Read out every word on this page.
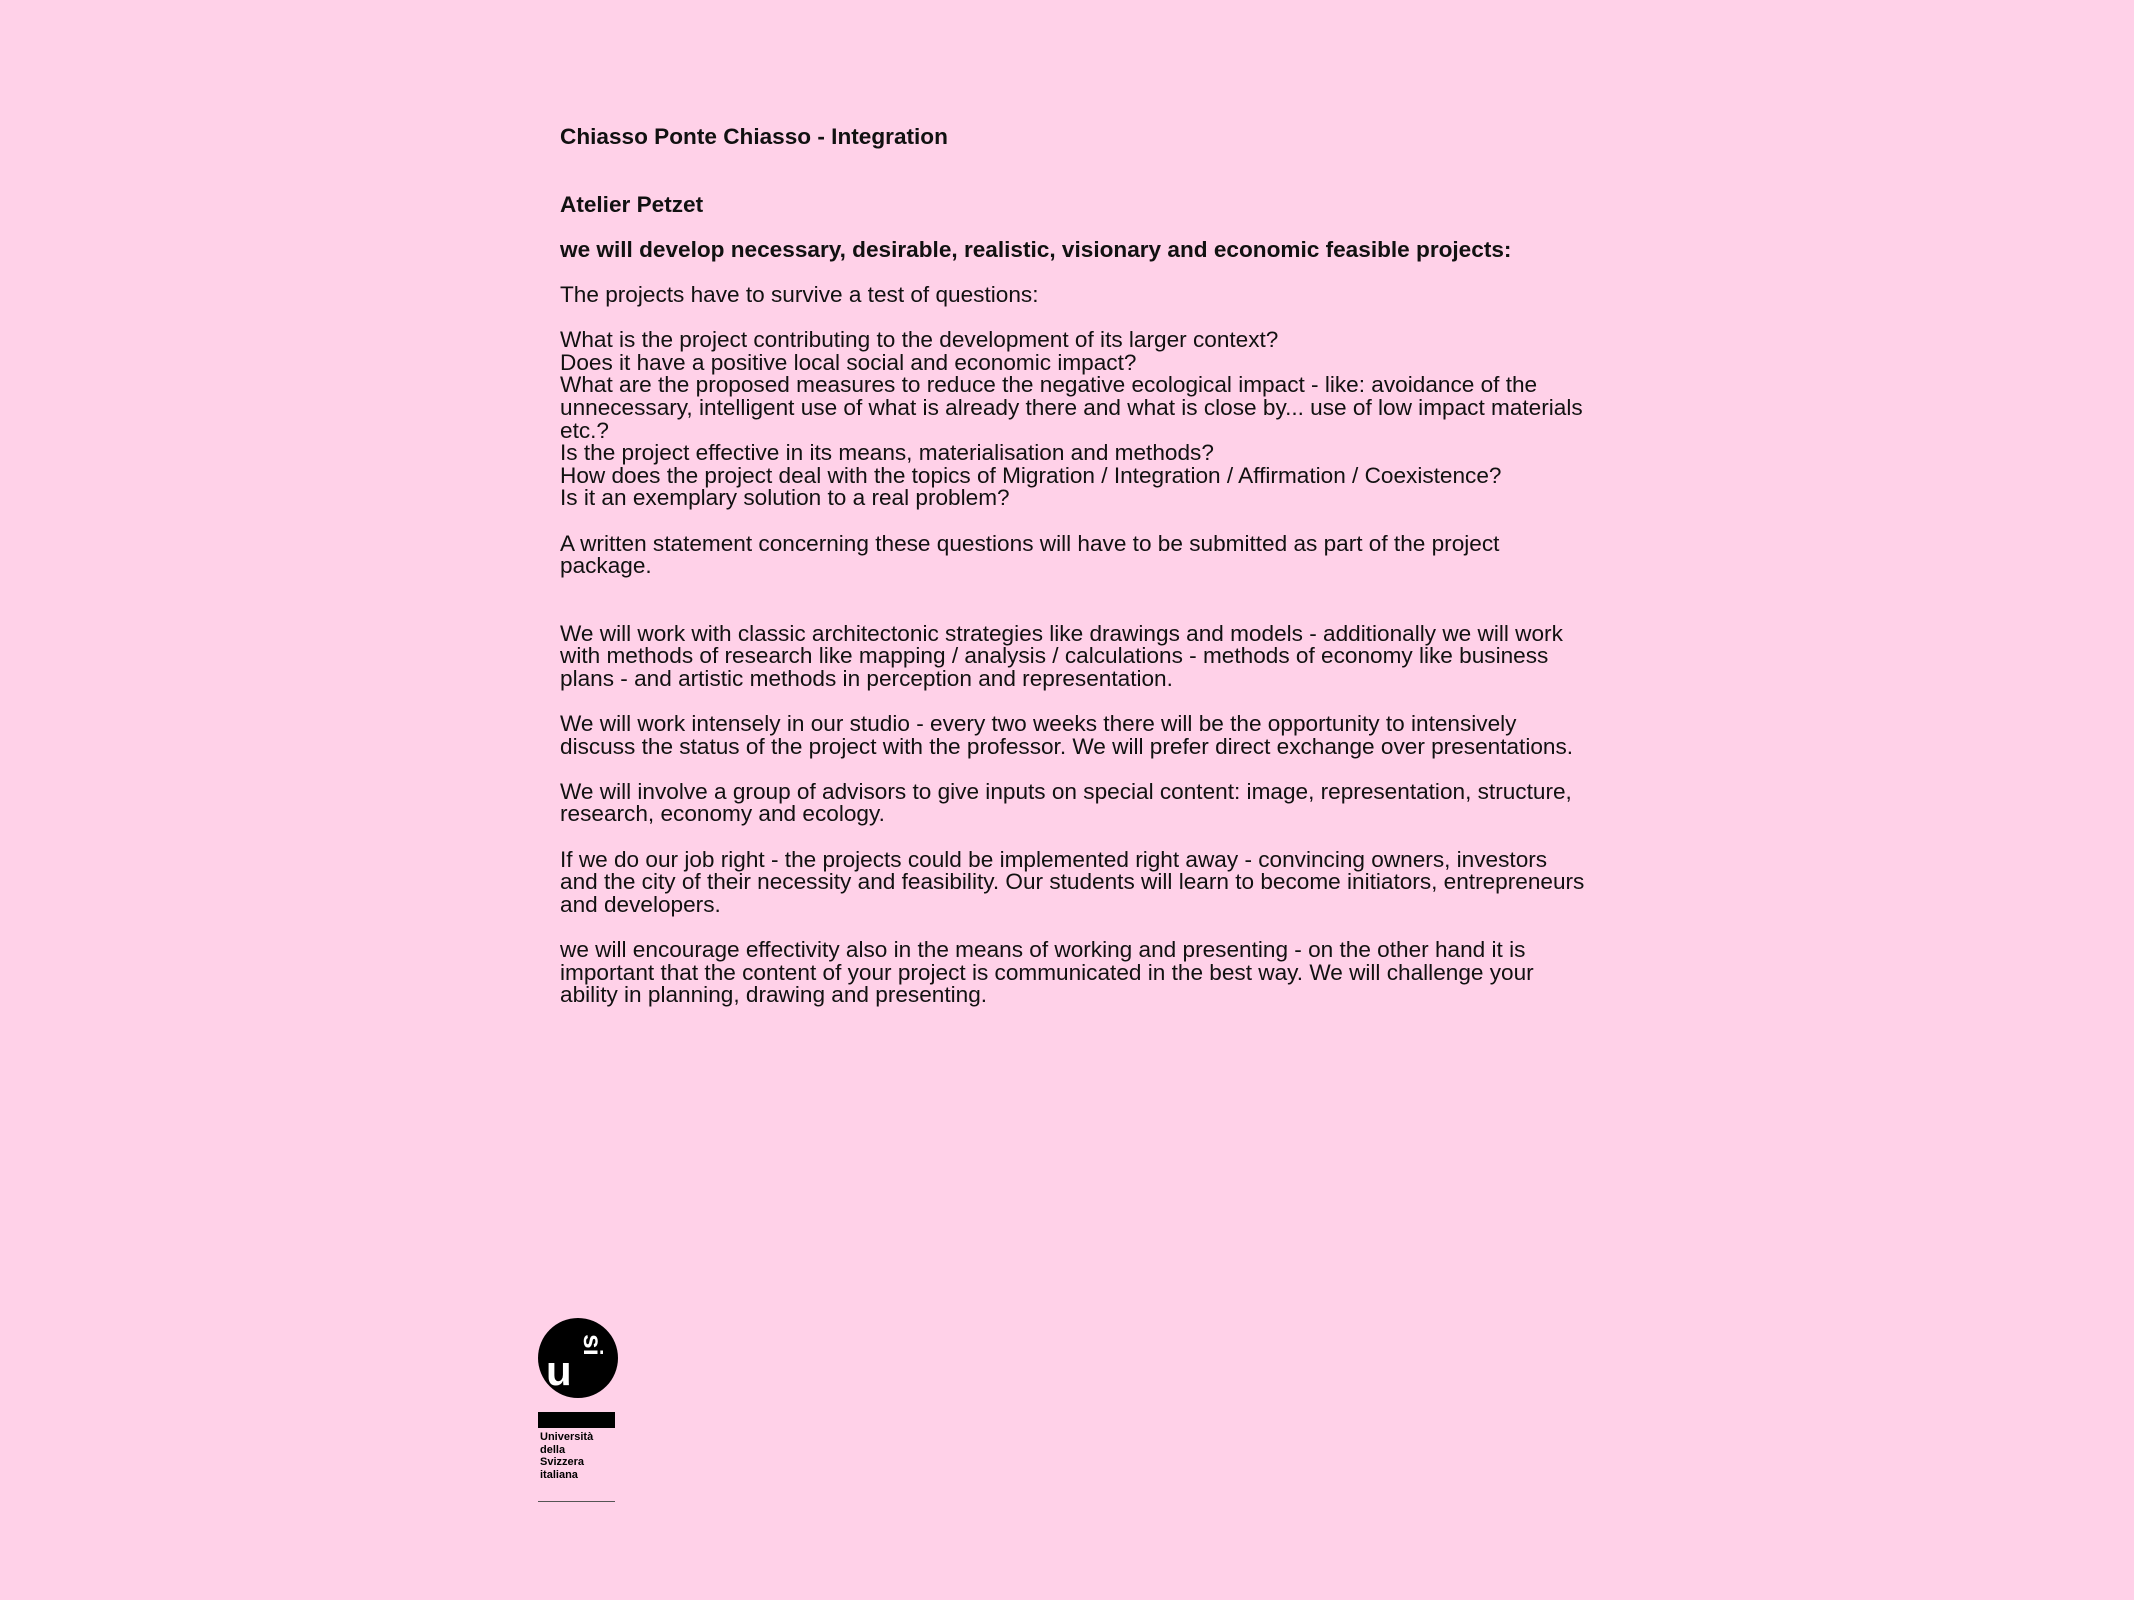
Chiasso Ponte Chiasso - Integration

Atelier Petzet

we will develop necessary, desirable, realistic, visionary and economic feasible projects:

The projects have to survive a test of questions:

What is the project contributing to the development of its larger context?

Does it have a positive local social and economic impact?

What are the proposed measures to reduce the negative ecological impact - like: avoidance of the unnecessary, intelligent use of what is already there and what is close by... use of low impact materials etc.?

Is the project effective in its means, materialisation and methods?

How does the project deal with the topics of Migration / Integration / Affirmation / Coexistence?

Is it an exemplary solution to a real problem?

A written statement concerning these questions will have to be submitted as part of the project package.

We will work with classic architectonic strategies like drawings and models - additionally we will work with methods of research like mapping / analysis / calculations - methods of economy like business plans - and artistic methods in perception and representation.

We will work intensely in our studio - every two weeks there will be the opportunity to intensively discuss the status of the project with the professor. We will prefer direct exchange over presentations.

We will involve a group of advisors to give inputs on special content: image, representation, structure, research, economy and ecology.

If we do our job right - the projects could be implemented right away - convincing owners, investors and the city of their necessity and feasibility. Our students will learn to become initiators, entrepreneurs and developers.

we will encourage effectivity also in the means of working and presenting - on the other hand it is important that the content of your project is communicated in the best way. We will challenge your ability in planning, drawing and presenting.

u
si
Università
della
Svizzera
italiana
